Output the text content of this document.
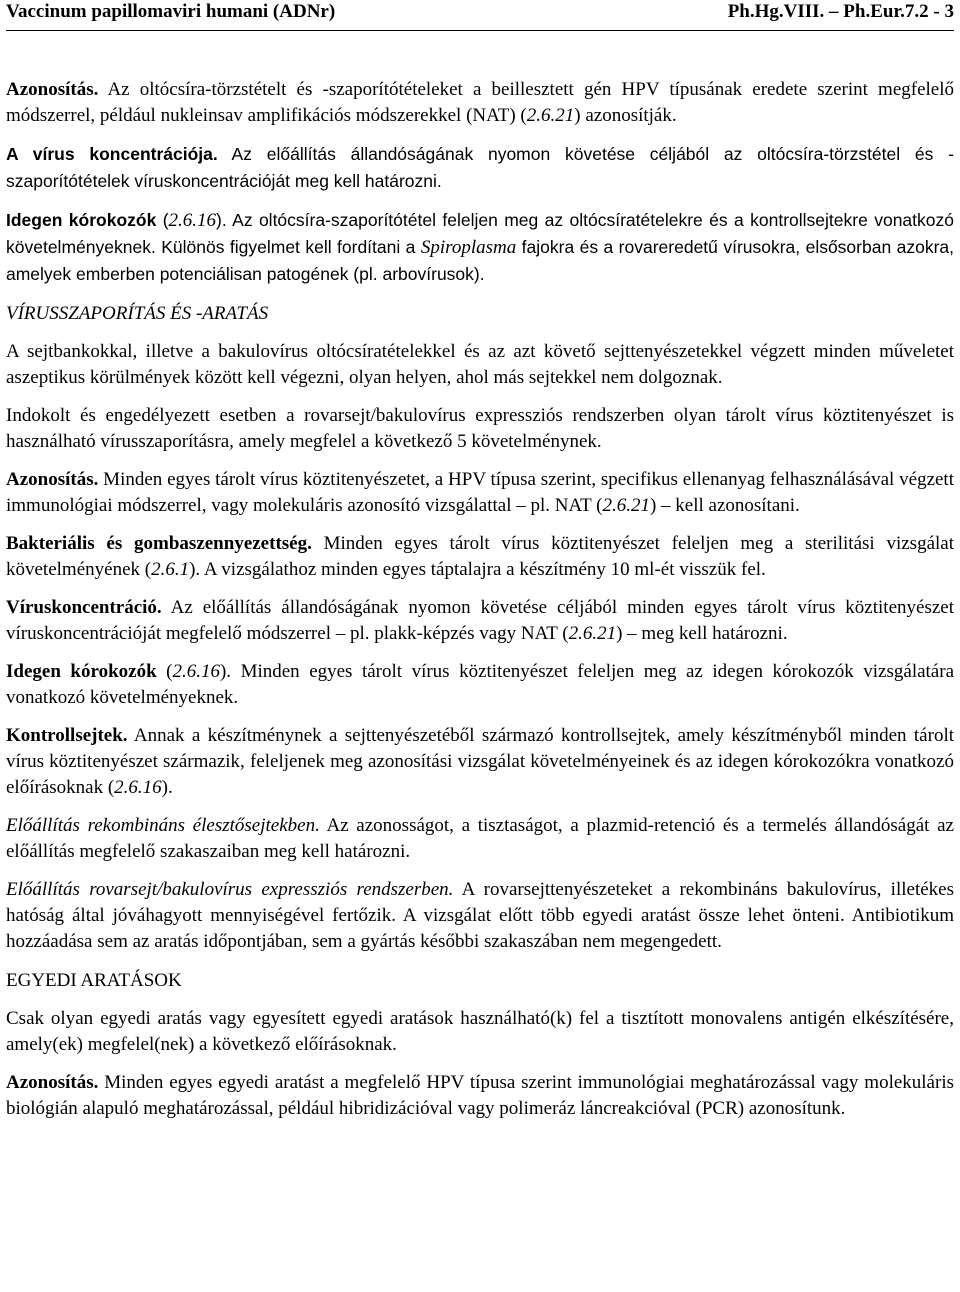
Vaccinum papillomaviri humani (ADNr)	Ph.Hg.VIII. – Ph.Eur.7.2 - 3

Azonosítás. Az oltócsíra-törzstételt és -szaporítótételeket a beillesztett gén HPV típusának eredete szerint megfelelő módszerrel, például nukleinsav amplifikációs módszerekkel (NAT) (2.6.21) azonosítják.

A vírus koncentrációja. Az előállítás állandóságának nyomon követése céljából az oltócsíra-törzstétel és -szaporítótételek víruskoncentrációját meg kell határozni.

Idegen kórokozók (2.6.16). Az oltócsíra-szaporítótétel feleljen meg az oltócsíratételekre és a kontrollsejtekre vonatkozó követelményeknek. Különös figyelmet kell fordítani a Spiroplasma fajokra és a rovareredetű vírusokra, elsősorban azokra, amelyek emberben potenciálisan patogének (pl. arbovírusok).

VÍRUSSZAPORÍTÁS ÉS -ARATÁS

A sejtbankokkal, illetve a bakulovírus oltócsíratételekkel és az azt követő sejttenyészetekkel végzett minden műveletet aszeptikus körülmények között kell végezni, olyan helyen, ahol más sejtekkel nem dolgoznak.

Indokolt és engedélyezett esetben a rovarsejt/bakulovírus expressziós rendszerben olyan tárolt vírus köztitenyészet is használható vírusszaporításra, amely megfelel a következő 5 követelménynek.

Azonosítás. Minden egyes tárolt vírus köztitenyészetet, a HPV típusa szerint, specifikus ellenanyag felhasználásával végzett immunológiai módszerrel, vagy molekuláris azonosító vizsgálattal – pl. NAT (2.6.21) – kell azonosítani.

Bakteriális és gombaszennyezettség. Minden egyes tárolt vírus köztitenyészet feleljen meg a sterilitási vizsgálat követelményének (2.6.1). A vizsgálathoz minden egyes táptalajra a készítmény 10 ml-ét visszük fel.

Víruskoncentráció. Az előállítás állandóságának nyomon követése céljából minden egyes tárolt vírus köztitenyészet víruskoncentrációját megfelelő módszerrel – pl. plakk-képzés vagy NAT (2.6.21) – meg kell határozni.

Idegen kórokozók (2.6.16). Minden egyes tárolt vírus köztitenyészet feleljen meg az idegen kórokozók vizsgálatára vonatkozó követelményeknek.

Kontrollsejtek. Annak a készítménynek a sejttenyészetéből származó kontrollsejtek, amely készítményből minden tárolt vírus köztitenyészet származik, feleljenek meg azonosítási vizsgálat követelményeinek és az idegen kórokozókra vonatkozó előírásoknak (2.6.16).

Előállítás rekombináns élesztősejtekben. Az azonosságot, a tisztaságot, a plazmid-retenció és a termelés állandóságát az előállítás megfelelő szakaszaiban meg kell határozni.

Előállítás rovarsejt/bakulovírus expressziós rendszerben. A rovarsejttenyészeteket a rekombináns bakulovírus, illetékes hatóság által jóváhagyott mennyiségével fertőzik. A vizsgálat előtt több egyedi aratást össze lehet önteni. Antibiotikum hozzáadása sem az aratás időpontjában, sem a gyártás későbbi szakaszában nem megengedett.

EGYEDI ARATÁSOK

Csak olyan egyedi aratás vagy egyesített egyedi aratások használható(k) fel a tisztított monovalens antigén elkészítésére, amely(ek) megfelel(nek) a következő előírásoknak.

Azonosítás. Minden egyes egyedi aratást a megfelelő HPV típusa szerint immunológiai meghatározással vagy molekuláris biológián alapuló meghatározással, például hibridizációval vagy polimeráz láncreakcióval (PCR) azonosítunk.
